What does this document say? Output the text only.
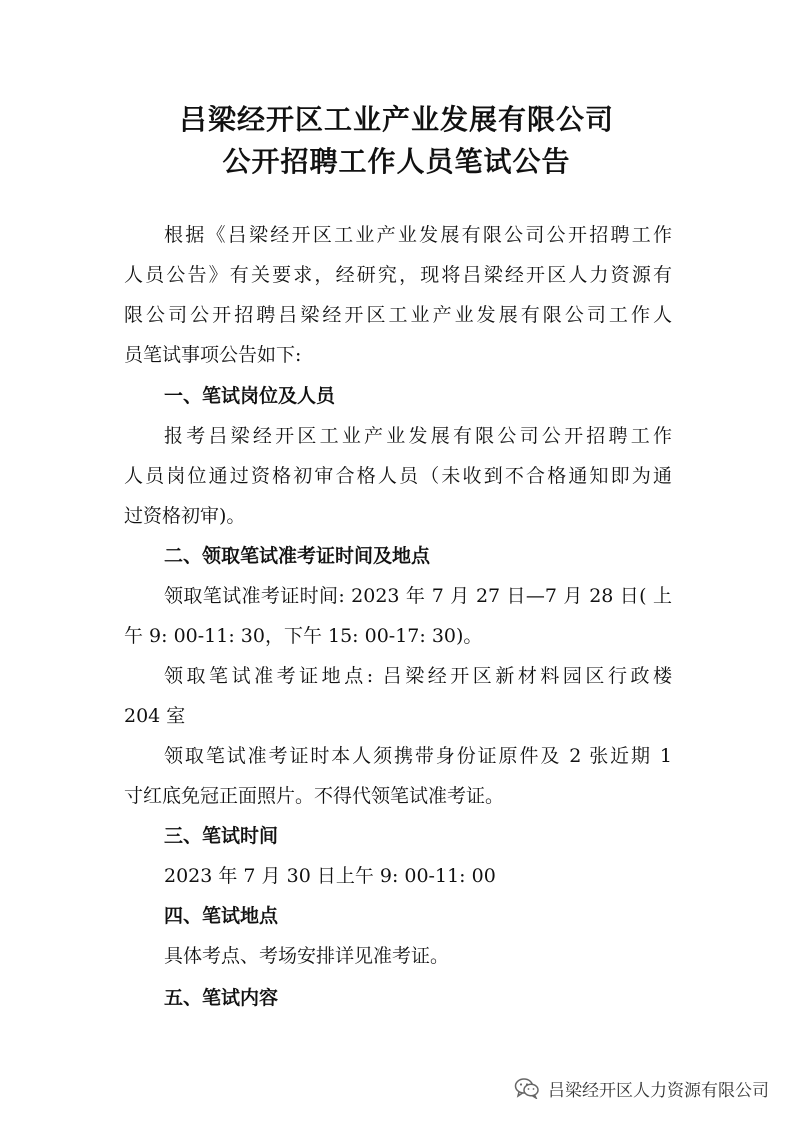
吕梁经开区工业产业发展有限公司
公开招聘工作人员笔试公告
根据《吕梁经开区工业产业发展有限公司公开招聘工作
人员公告》有关要求，经研究，现将吕梁经开区人力资源有
限公司公开招聘吕梁经开区工业产业发展有限公司工作人
员笔试事项公告如下:
一、笔试岗位及人员
报考吕梁经开区工业产业发展有限公司公开招聘工作
人员岗位通过资格初审合格人员（未收到不合格通知即为通
过资格初审)。
二、领取笔试准考证时间及地点
领取笔试准考证时间: 2023 年 7 月 27 日—7 月 28 日( 上
午 9: 00-11: 30，下午 15: 00-17: 30)。
领取笔试准考证地点: 吕梁经开区新材料园区行政楼
204 室
领取笔试准考证时本人须携带身份证原件及 2 张近期 1
寸红底免冠正面照片。不得代领笔试准考证。
三、笔试时间
2023 年 7 月 30 日上午 9: 00-11: 00
四、笔试地点
具体考点、考场安排详见准考证。
五、笔试内容
吕梁经开区人力资源有限公司
